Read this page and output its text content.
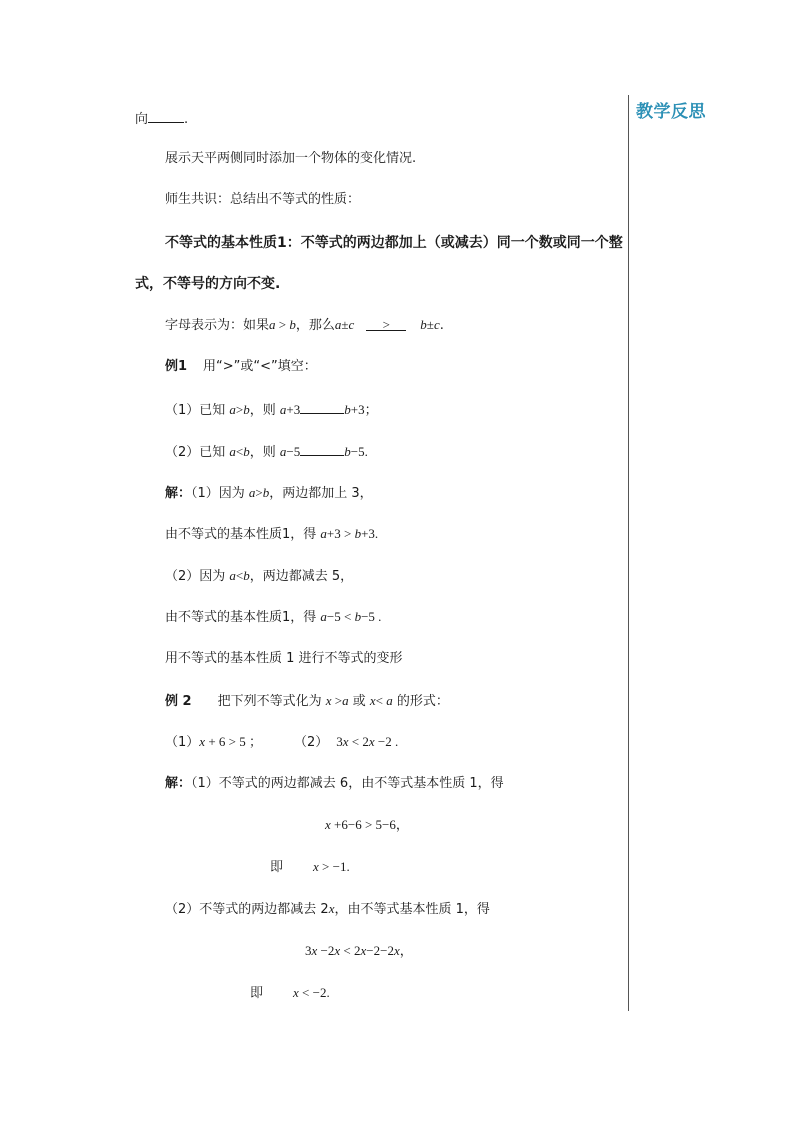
教学反思
向	.
展示天平两侧同时添加一个物体的变化情况.
师生共识：总结出不等式的性质：
不等式的基本性质1：不等式的两边都加上（或减去）同一个数或同一个整
式，不等号的方向不变.
字母表示为：如果a > b，那么a±c > b±c.
例1 用“>”或“<”填空：
（1）已知 a>b，则 a+3	b+3；
（2）已知 a<b，则 a−5	b−5.
解：（1）因为 a>b，两边都加上 3，
由不等式的基本性质1，得 a+3 > b+3.
（2）因为 a<b，两边都减去 5，
由不等式的基本性质1，得 a−5 < b−5 .
用不等式的基本性质 1 进行不等式的变形
例 2 把下列不等式化为 x >a 或 x< a 的形式：
（1）x + 6 > 5 ； （2） 3x < 2x −2 .
解：（1）不等式的两边都减去 6，由不等式基本性质 1，得
x +6−6 > 5−6，
即 x > −1.
（2）不等式的两边都减去 2x，由不等式基本性质 1，得
3x −2x < 2x−2−2x，
即 x < −2.
